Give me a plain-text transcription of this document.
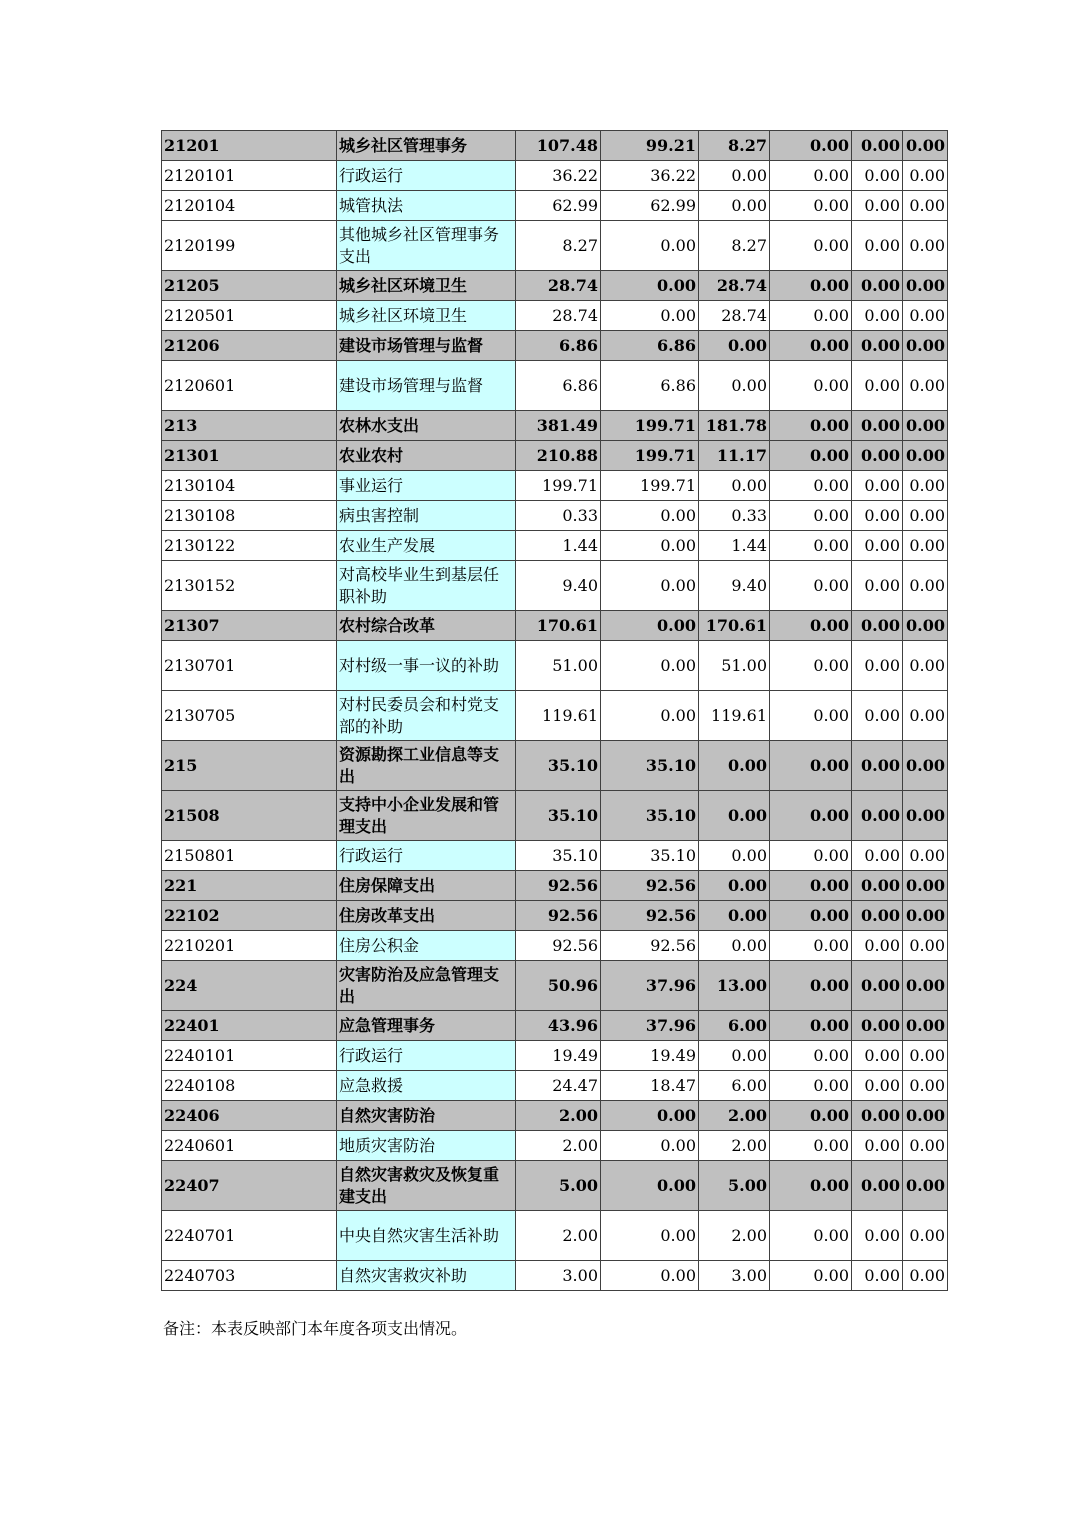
21201	城乡社区管理事务	107.48	99.21	8.27	0.00	0.00	0.00
2120101	行政运行	36.22	36.22	0.00	0.00	0.00	0.00
2120104	城管执法	62.99	62.99	0.00	0.00	0.00	0.00
2120199	其他城乡社区管理事务支出	8.27	0.00	8.27	0.00	0.00	0.00
21205	城乡社区环境卫生	28.74	0.00	28.74	0.00	0.00	0.00
2120501	城乡社区环境卫生	28.74	0.00	28.74	0.00	0.00	0.00
21206	建设市场管理与监督	6.86	6.86	0.00	0.00	0.00	0.00
2120601	建设市场管理与监督	6.86	6.86	0.00	0.00	0.00	0.00
213	农林水支出	381.49	199.71	181.78	0.00	0.00	0.00
21301	农业农村	210.88	199.71	11.17	0.00	0.00	0.00
2130104	事业运行	199.71	199.71	0.00	0.00	0.00	0.00
2130108	病虫害控制	0.33	0.00	0.33	0.00	0.00	0.00
2130122	农业生产发展	1.44	0.00	1.44	0.00	0.00	0.00
2130152	对高校毕业生到基层任职补助	9.40	0.00	9.40	0.00	0.00	0.00
21307	农村综合改革	170.61	0.00	170.61	0.00	0.00	0.00
2130701	对村级一事一议的补助	51.00	0.00	51.00	0.00	0.00	0.00
2130705	对村民委员会和村党支部的补助	119.61	0.00	119.61	0.00	0.00	0.00
215	资源勘探工业信息等支出	35.10	35.10	0.00	0.00	0.00	0.00
21508	支持中小企业发展和管理支出	35.10	35.10	0.00	0.00	0.00	0.00
2150801	行政运行	35.10	35.10	0.00	0.00	0.00	0.00
221	住房保障支出	92.56	92.56	0.00	0.00	0.00	0.00
22102	住房改革支出	92.56	92.56	0.00	0.00	0.00	0.00
2210201	住房公积金	92.56	92.56	0.00	0.00	0.00	0.00
224	灾害防治及应急管理支出	50.96	37.96	13.00	0.00	0.00	0.00
22401	应急管理事务	43.96	37.96	6.00	0.00	0.00	0.00
2240101	行政运行	19.49	19.49	0.00	0.00	0.00	0.00
2240108	应急救援	24.47	18.47	6.00	0.00	0.00	0.00
22406	自然灾害防治	2.00	0.00	2.00	0.00	0.00	0.00
2240601	地质灾害防治	2.00	0.00	2.00	0.00	0.00	0.00
22407	自然灾害救灾及恢复重建支出	5.00	0.00	5.00	0.00	0.00	0.00
2240701	中央自然灾害生活补助	2.00	0.00	2.00	0.00	0.00	0.00
2240703	自然灾害救灾补助	3.00	0.00	3.00	0.00	0.00	0.00

备注：本表反映部门本年度各项支出情况。
